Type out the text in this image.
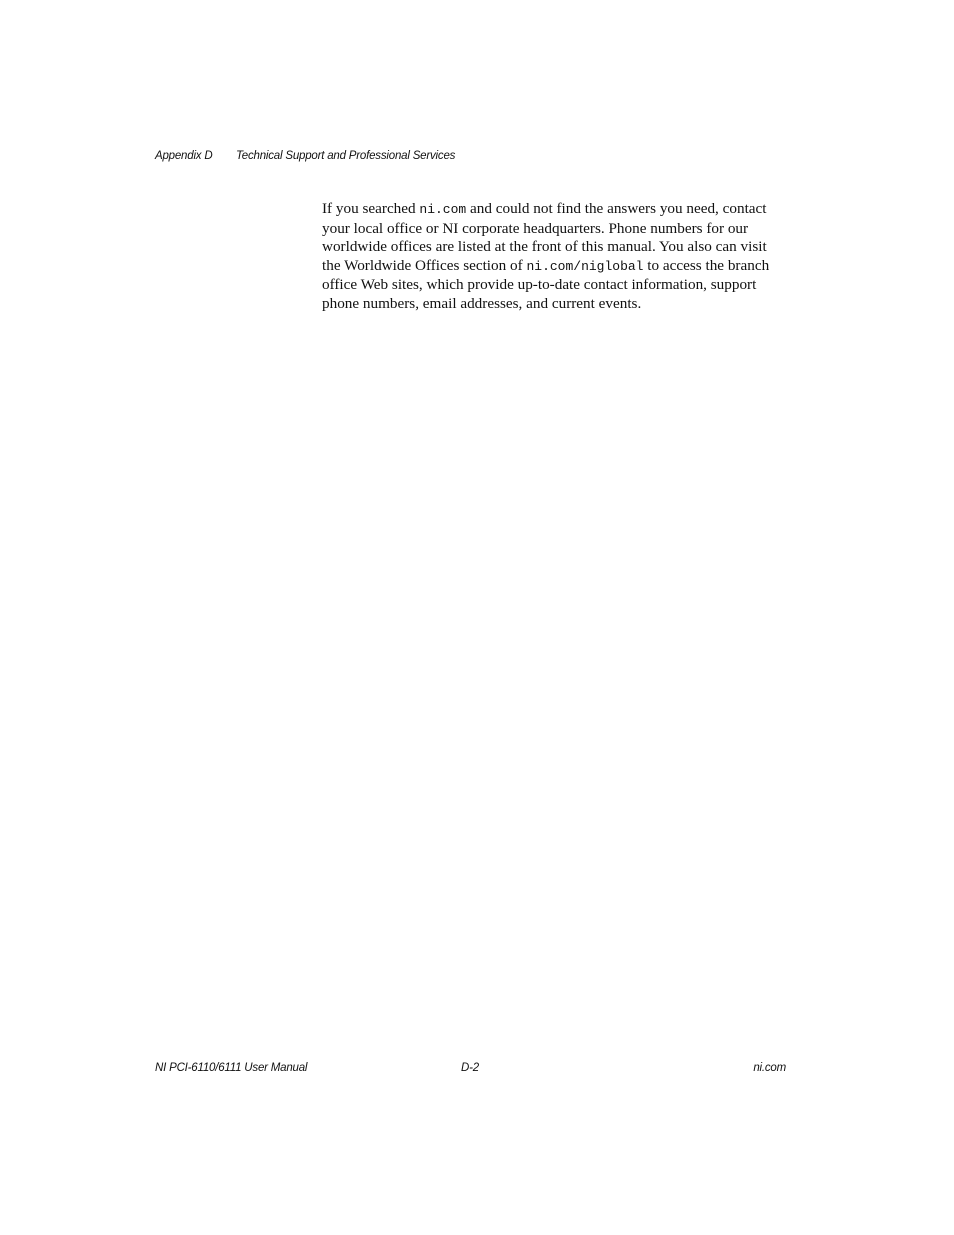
Appendix D Technical Support and Professional Services

If you searched ni.com and could not find the answers you need, contact
your local office or NI corporate headquarters. Phone numbers for our
worldwide offices are listed at the front of this manual. You also can visit
the Worldwide Offices section of ni.com/niglobal to access the branch
office Web sites, which provide up-to-date contact information, support
phone numbers, email addresses, and current events.

NI PCI-6110/6111 User Manual	D-2	ni.com
